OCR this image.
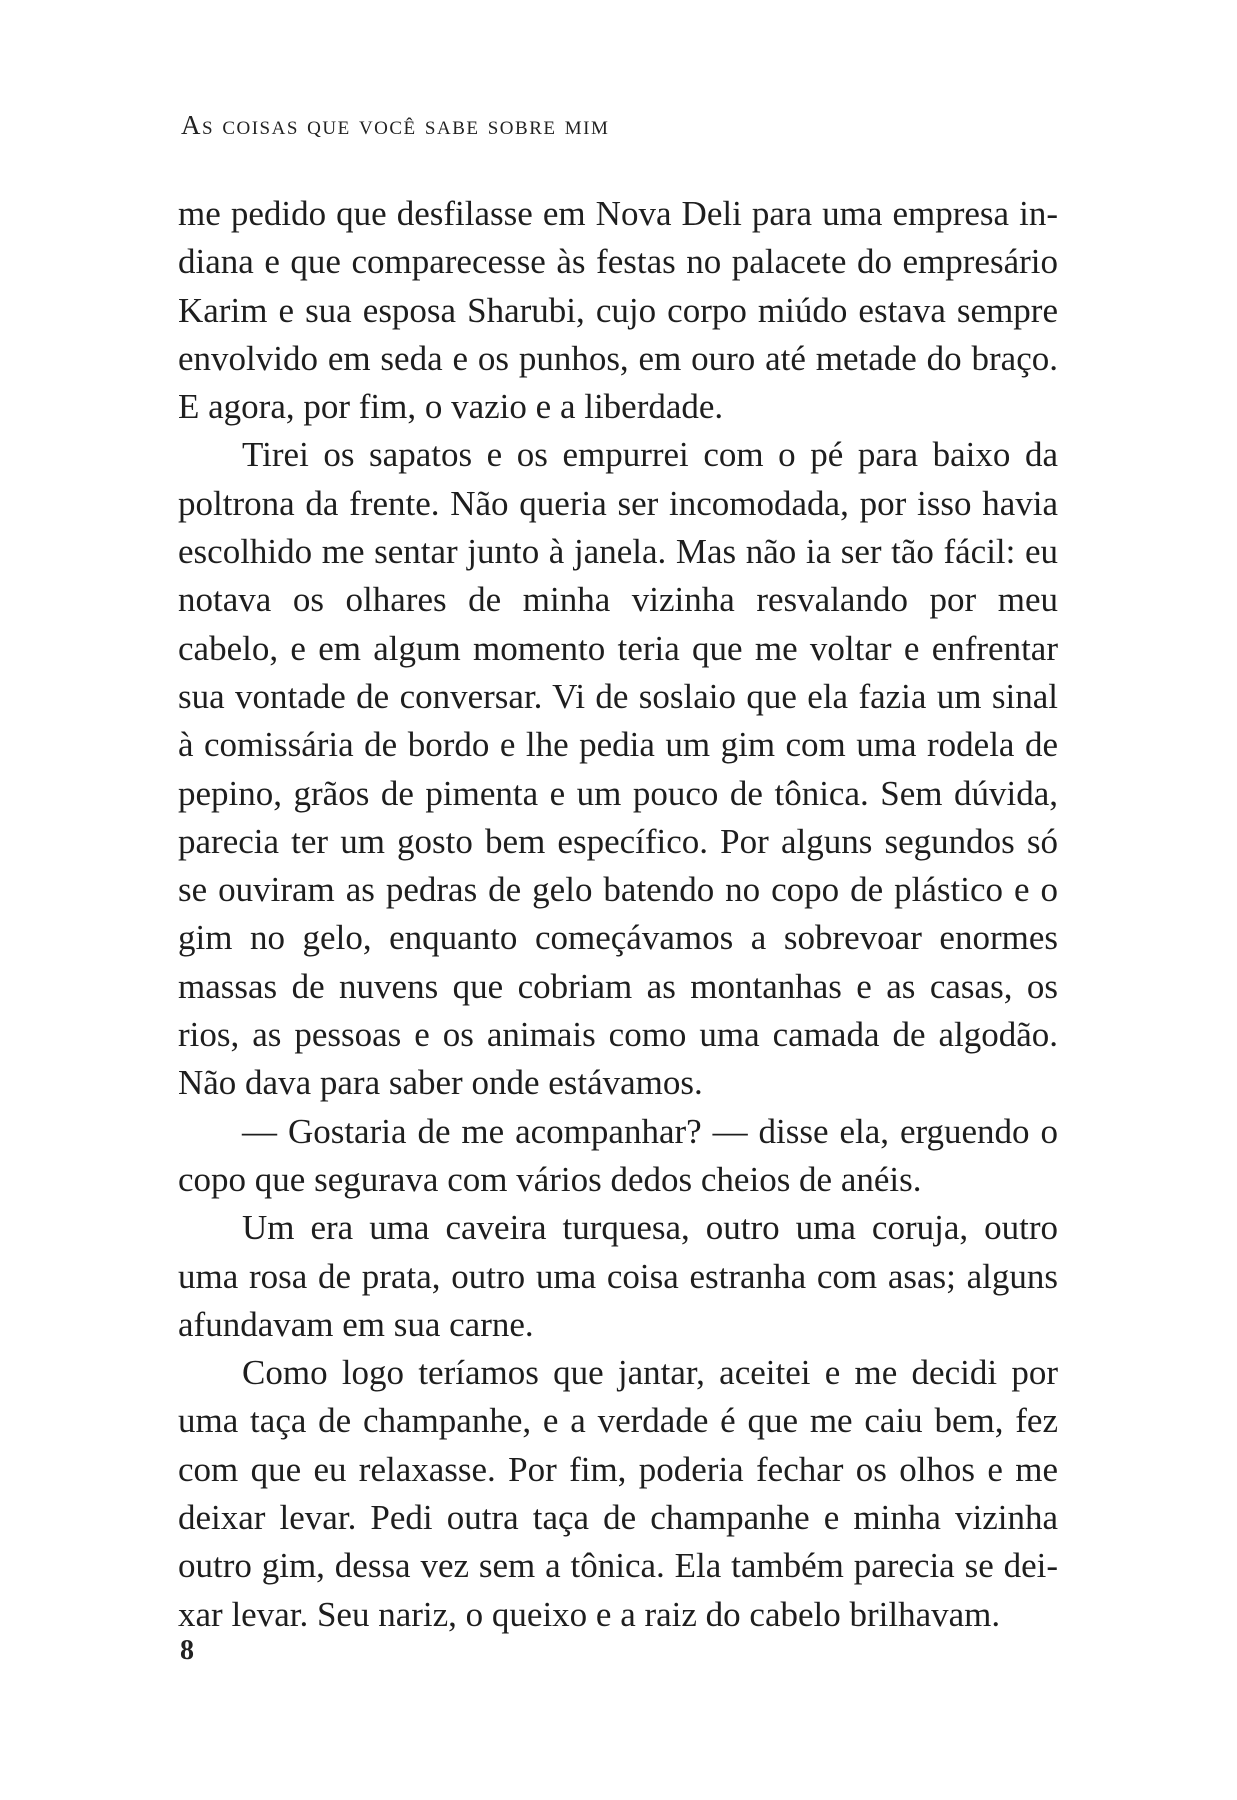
As coisas que você sabe sobre mim

me pedido que desfilasse em Nova Deli para uma empresa indiana e que comparecesse às festas no palacete do empresário Karim e sua esposa Sharubi, cujo corpo miúdo estava sempre envolvido em seda e os punhos, em ouro até metade do braço. E agora, por fim, o vazio e a liberdade.

Tirei os sapatos e os empurrei com o pé para baixo da poltrona da frente. Não queria ser incomodada, por isso havia escolhido me sentar junto à janela. Mas não ia ser tão fácil: eu notava os olhares de minha vizinha resvalando por meu cabelo, e em algum momento teria que me voltar e enfrentar sua vontade de conversar. Vi de soslaio que ela fazia um sinal à comissária de bordo e lhe pedia um gim com uma rodela de pepino, grãos de pimenta e um pouco de tônica. Sem dúvida, parecia ter um gosto bem específico. Por alguns segundos só se ouviram as pedras de gelo batendo no copo de plástico e o gim no gelo, enquanto começávamos a sobrevoar enormes massas de nuvens que cobriam as montanhas e as casas, os rios, as pessoas e os animais como uma camada de algodão. Não dava para saber onde estávamos.

— Gostaria de me acompanhar? — disse ela, erguendo o copo que segurava com vários dedos cheios de anéis.

Um era uma caveira turquesa, outro uma coruja, outro uma rosa de prata, outro uma coisa estranha com asas; alguns afundavam em sua carne.

Como logo teríamos que jantar, aceitei e me decidi por uma taça de champanhe, e a verdade é que me caiu bem, fez com que eu relaxasse. Por fim, poderia fechar os olhos e me deixar levar. Pedi outra taça de champanhe e minha vizinha outro gim, dessa vez sem a tônica. Ela também parecia se deixar levar. Seu nariz, o queixo e a raiz do cabelo brilhavam.

8
